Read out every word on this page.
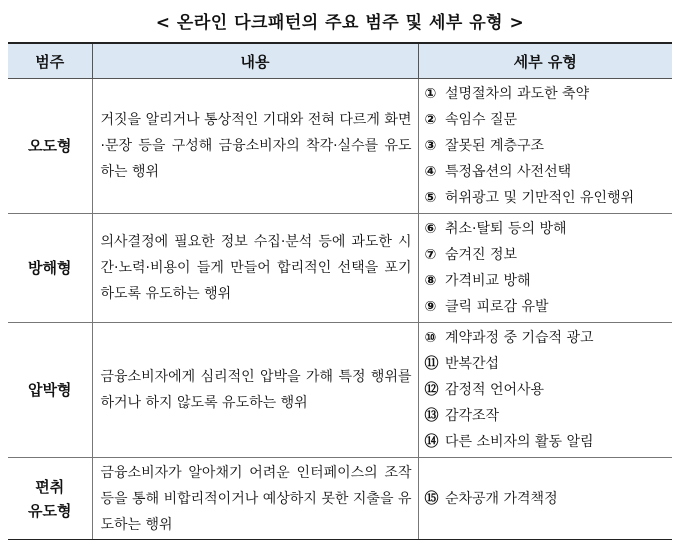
< 온라인 다크패턴의 주요 범주 및 세부 유형 >
범주	내용	세부 유형
오도형	거짓을 알리거나 통상적인 기대와 전혀 다르게 화면·문장 등을 구성해 금융소비자의 착각·실수를 유도하는 행위	① 설명절차의 과도한 축약
② 속임수 질문
③ 잘못된 계층구조
④ 특정옵션의 사전선택
⑤ 허위광고 및 기만적인 유인행위

방해형	의사결정에 필요한 정보 수집·분석 등에 과도한 시간·노력·비용이 들게 만들어 합리적인 선택을 포기하도록 유도하는 행위	⑥ 취소·탈퇴 등의 방해
⑦ 숨겨진 정보
⑧ 가격비교 방해
⑨ 클릭 피로감 유발

압박형	금융소비자에게 심리적인 압박을 가해 특정 행위를 하거나 하지 않도록 유도하는 행위	⑩ 계약과정 중 기습적 광고
⑪ 반복간섭
⑫ 감정적 언어사용
⑬ 감각조작
⑭ 다른 소비자의 활동 알림

편취
유도형	금융소비자가 알아채기 어려운 인터페이스의 조작 등을 통해 비합리적이거나 예상하지 못한 지출을 유도하는 행위	⑮ 순차공개 가격책정
